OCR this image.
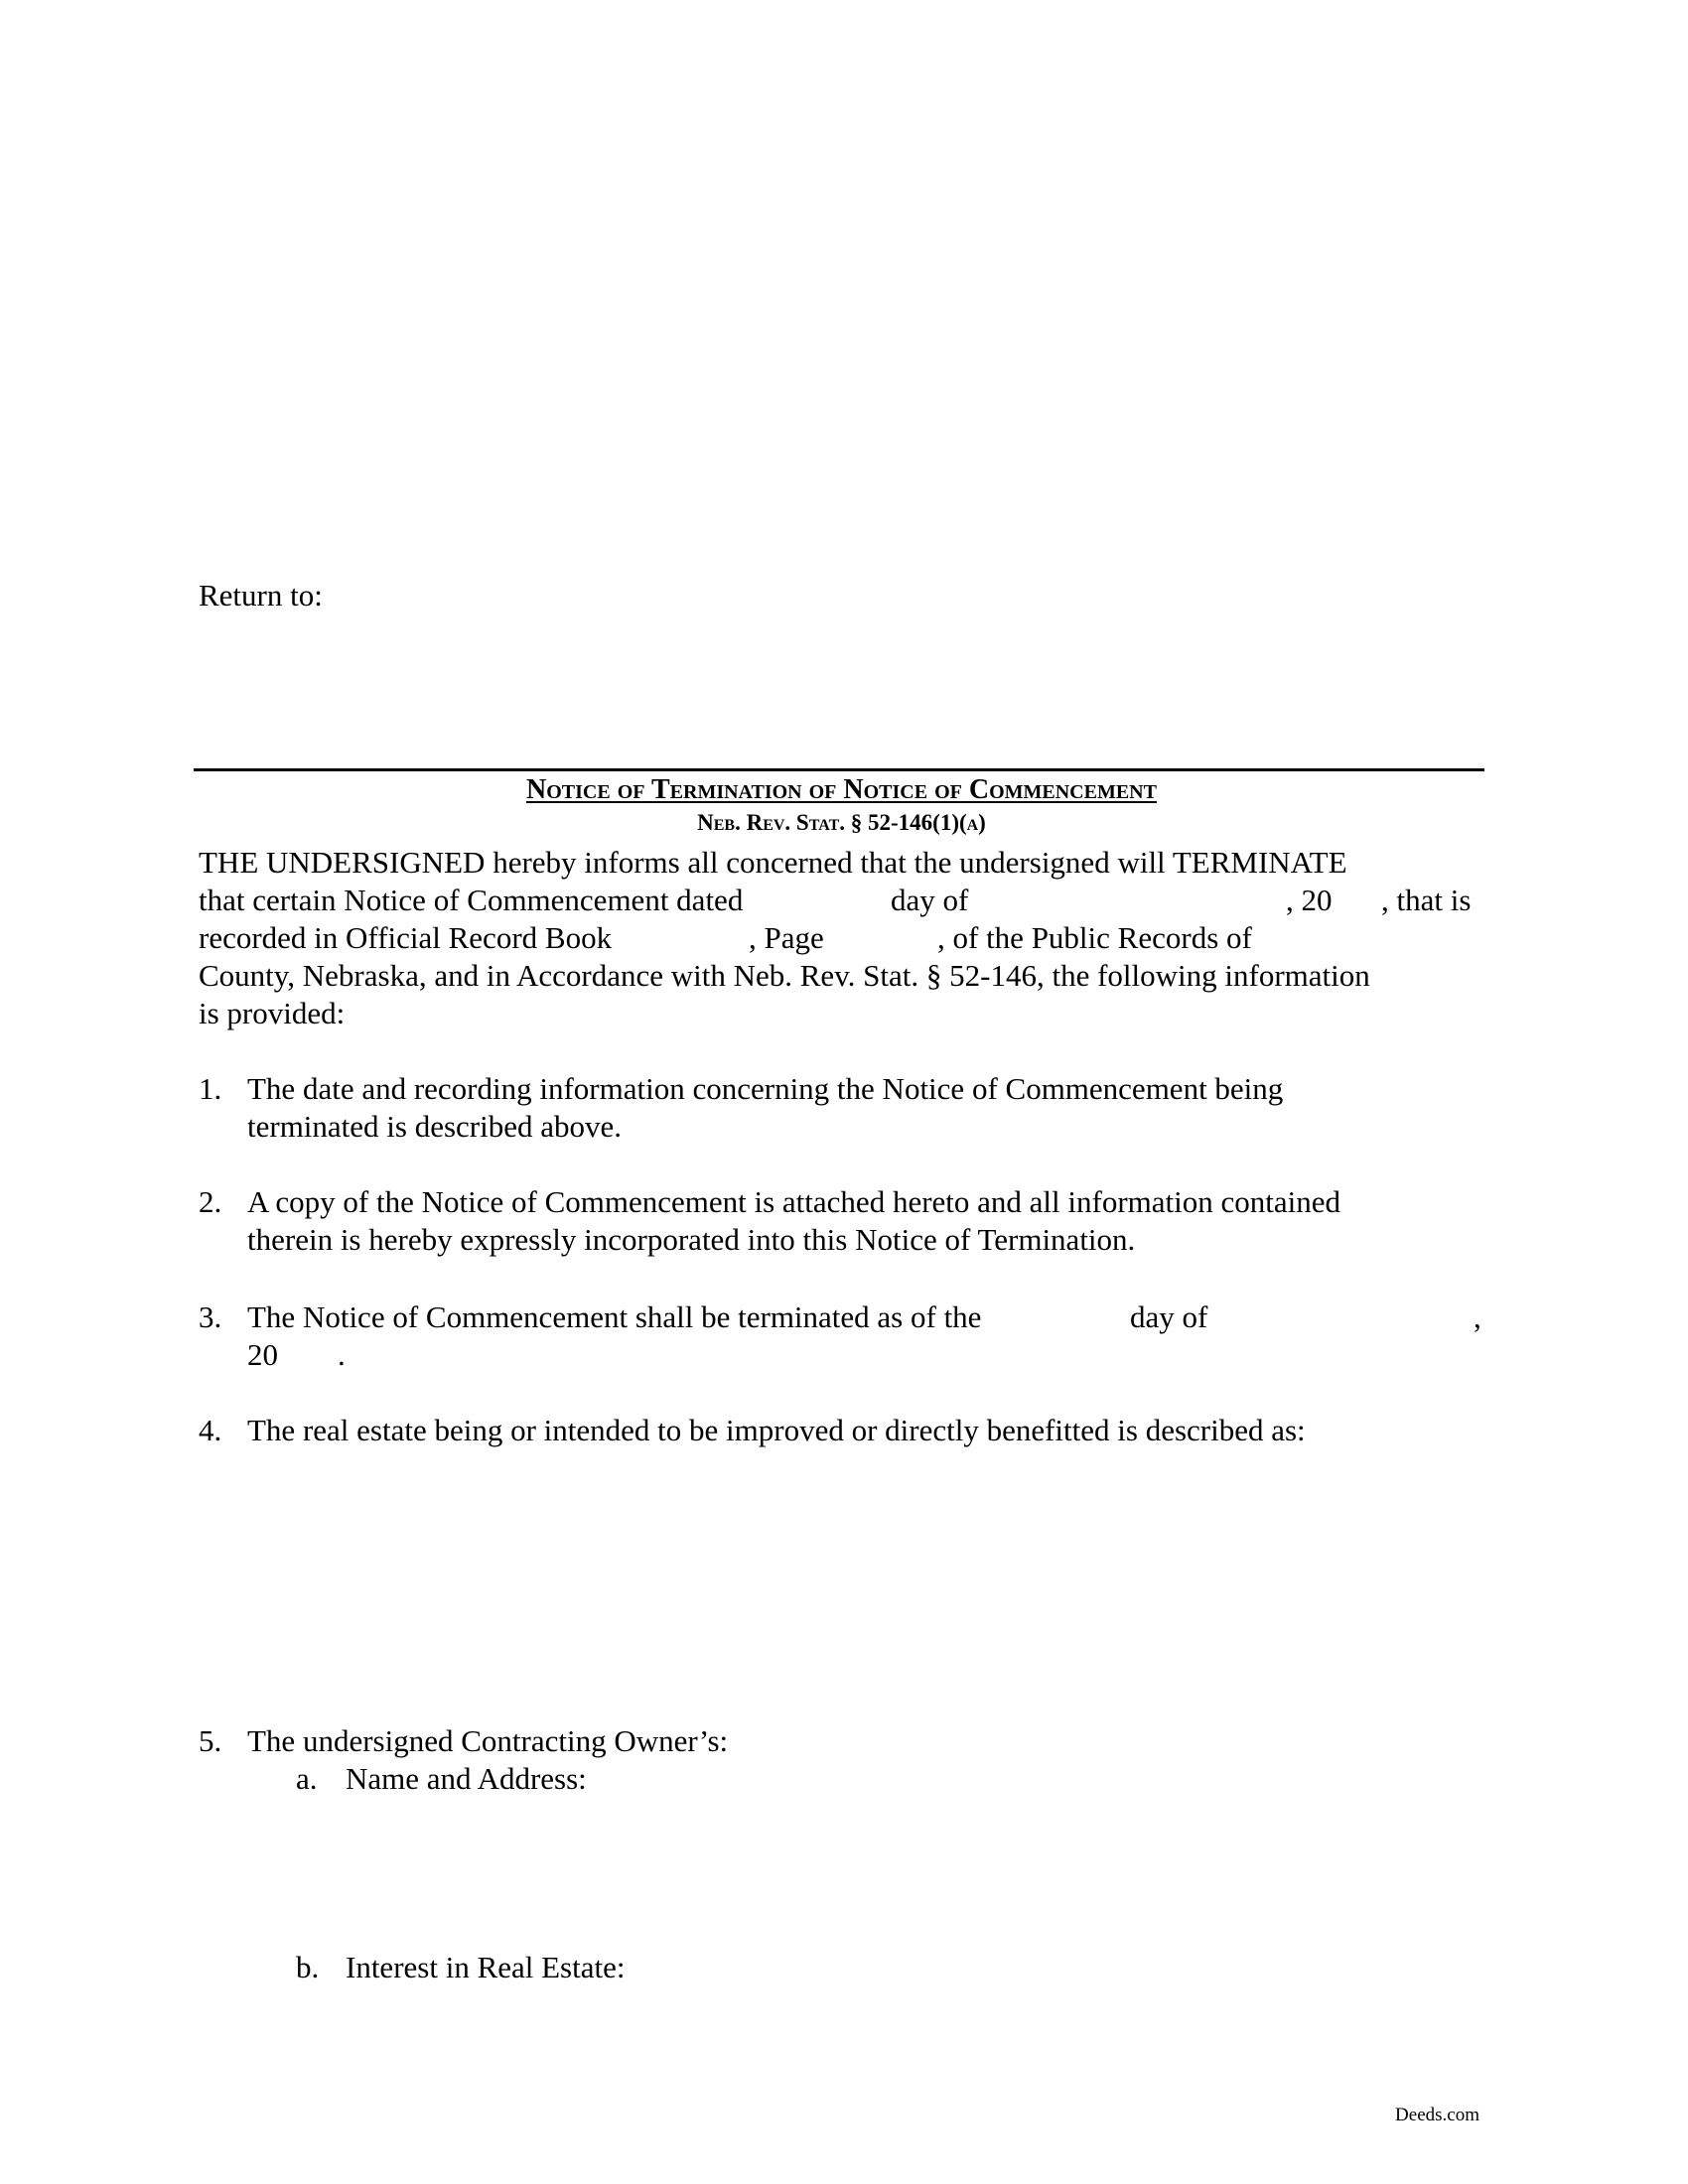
Return to:
Notice of Termination of Notice of Commencement
Neb. Rev. Stat. § 52-146(1)(a)
THE UNDERSIGNED hereby informs all concerned that the undersigned will TERMINATE
that certain Notice of Commencement dated	day of	, 20 , that is
recorded in Official Record Book	, Page	, of the Public Records of
County, Nebraska, and in Accordance with Neb. Rev. Stat. § 52-146, the following information
is provided:
1. The date and recording information concerning the Notice of Commencement being
terminated is described above.
2. A copy of the Notice of Commencement is attached hereto and all information contained
therein is hereby expressly incorporated into this Notice of Termination.
3. The Notice of Commencement shall be terminated as of the	day of	,
20 .
4. The real estate being or intended to be improved or directly benefitted is described as:
5. The undersigned Contracting Owner’s:
a. Name and Address:
b. Interest in Real Estate:
Deeds.com
